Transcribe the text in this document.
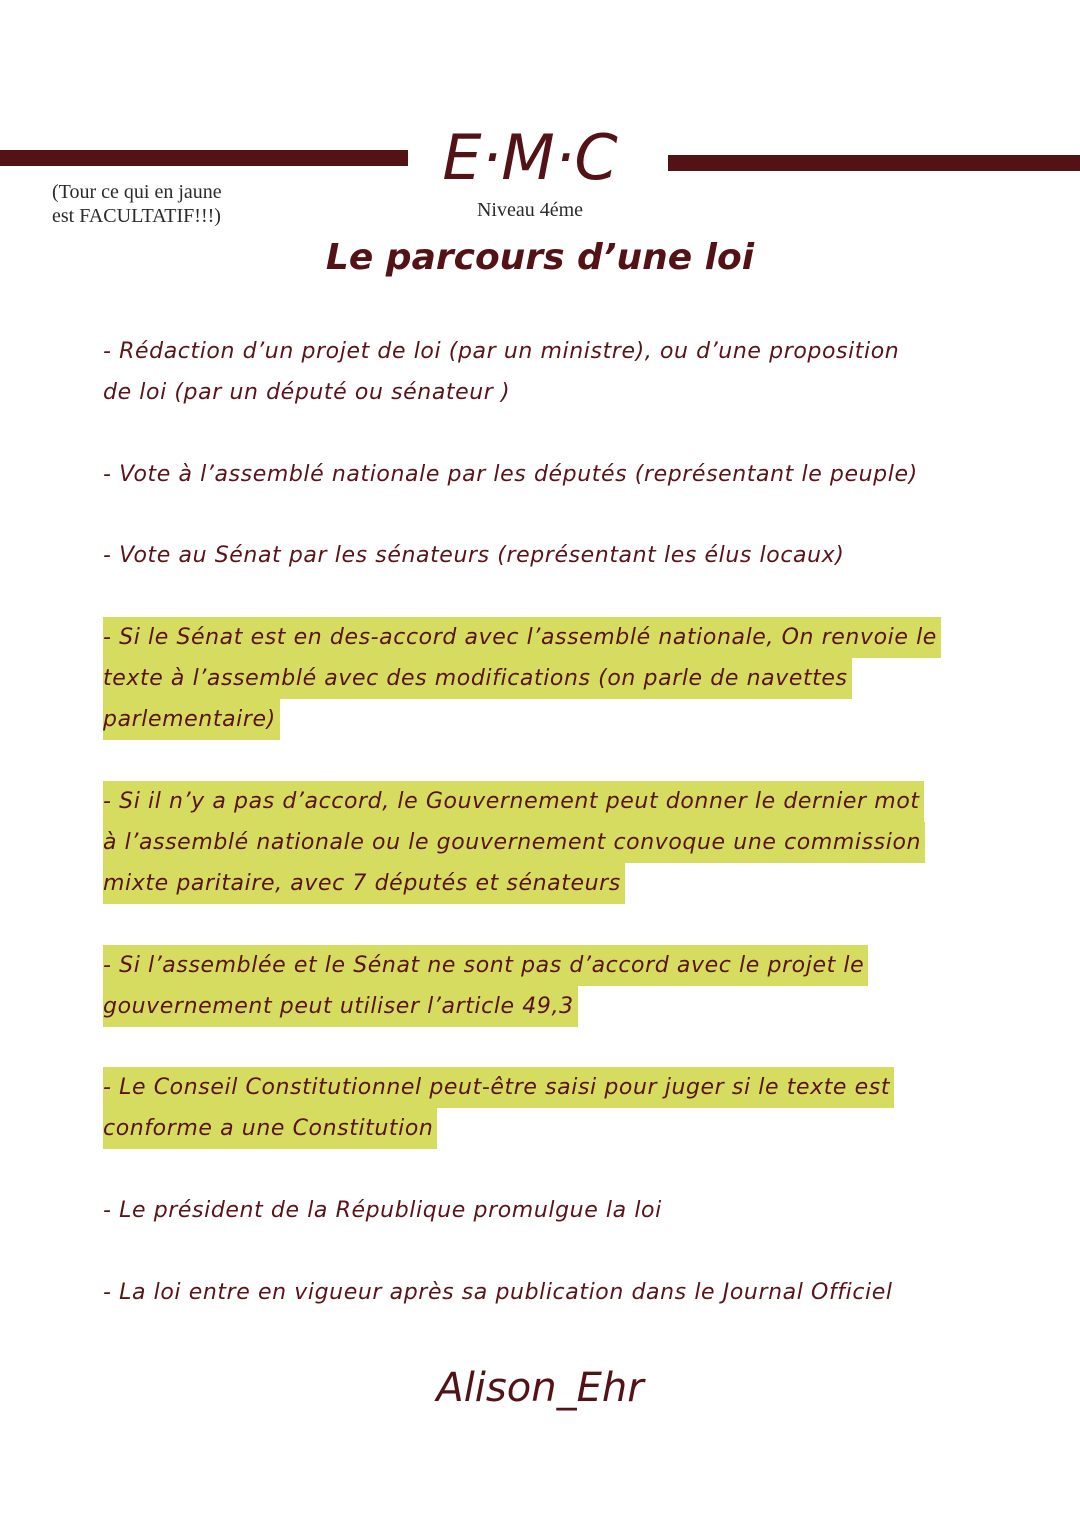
E·M·C
Niveau 4éme
(Tour ce qui en jaune
est FACULTATIF!!!)
Le parcours d’une loi
- Rédaction d’un projet de loi (par un ministre), ou d’une proposition
de loi (par un député ou sénateur )
- Vote à l’assemblé nationale par les députés (représentant le peuple)
- Vote au Sénat par les sénateurs (représentant les élus locaux)
- Si le Sénat est en des-accord avec l’assemblé nationale, On renvoie le
texte à l’assemblé avec des modifications (on parle de navettes
parlementaire)
- Si il n’y a pas d’accord, le Gouvernement peut donner le dernier mot
à l’assemblé nationale ou le gouvernement convoque une commission
mixte paritaire, avec 7 députés et sénateurs
- Si l’assemblée et le Sénat ne sont pas d’accord avec le projet le
gouvernement peut utiliser l’article 49,3
- Le Conseil Constitutionnel peut-être saisi pour juger si le texte est
conforme a une Constitution
- Le président de la République promulgue la loi
- La loi entre en vigueur après sa publication dans le Journal Officiel
Alison_Ehr
